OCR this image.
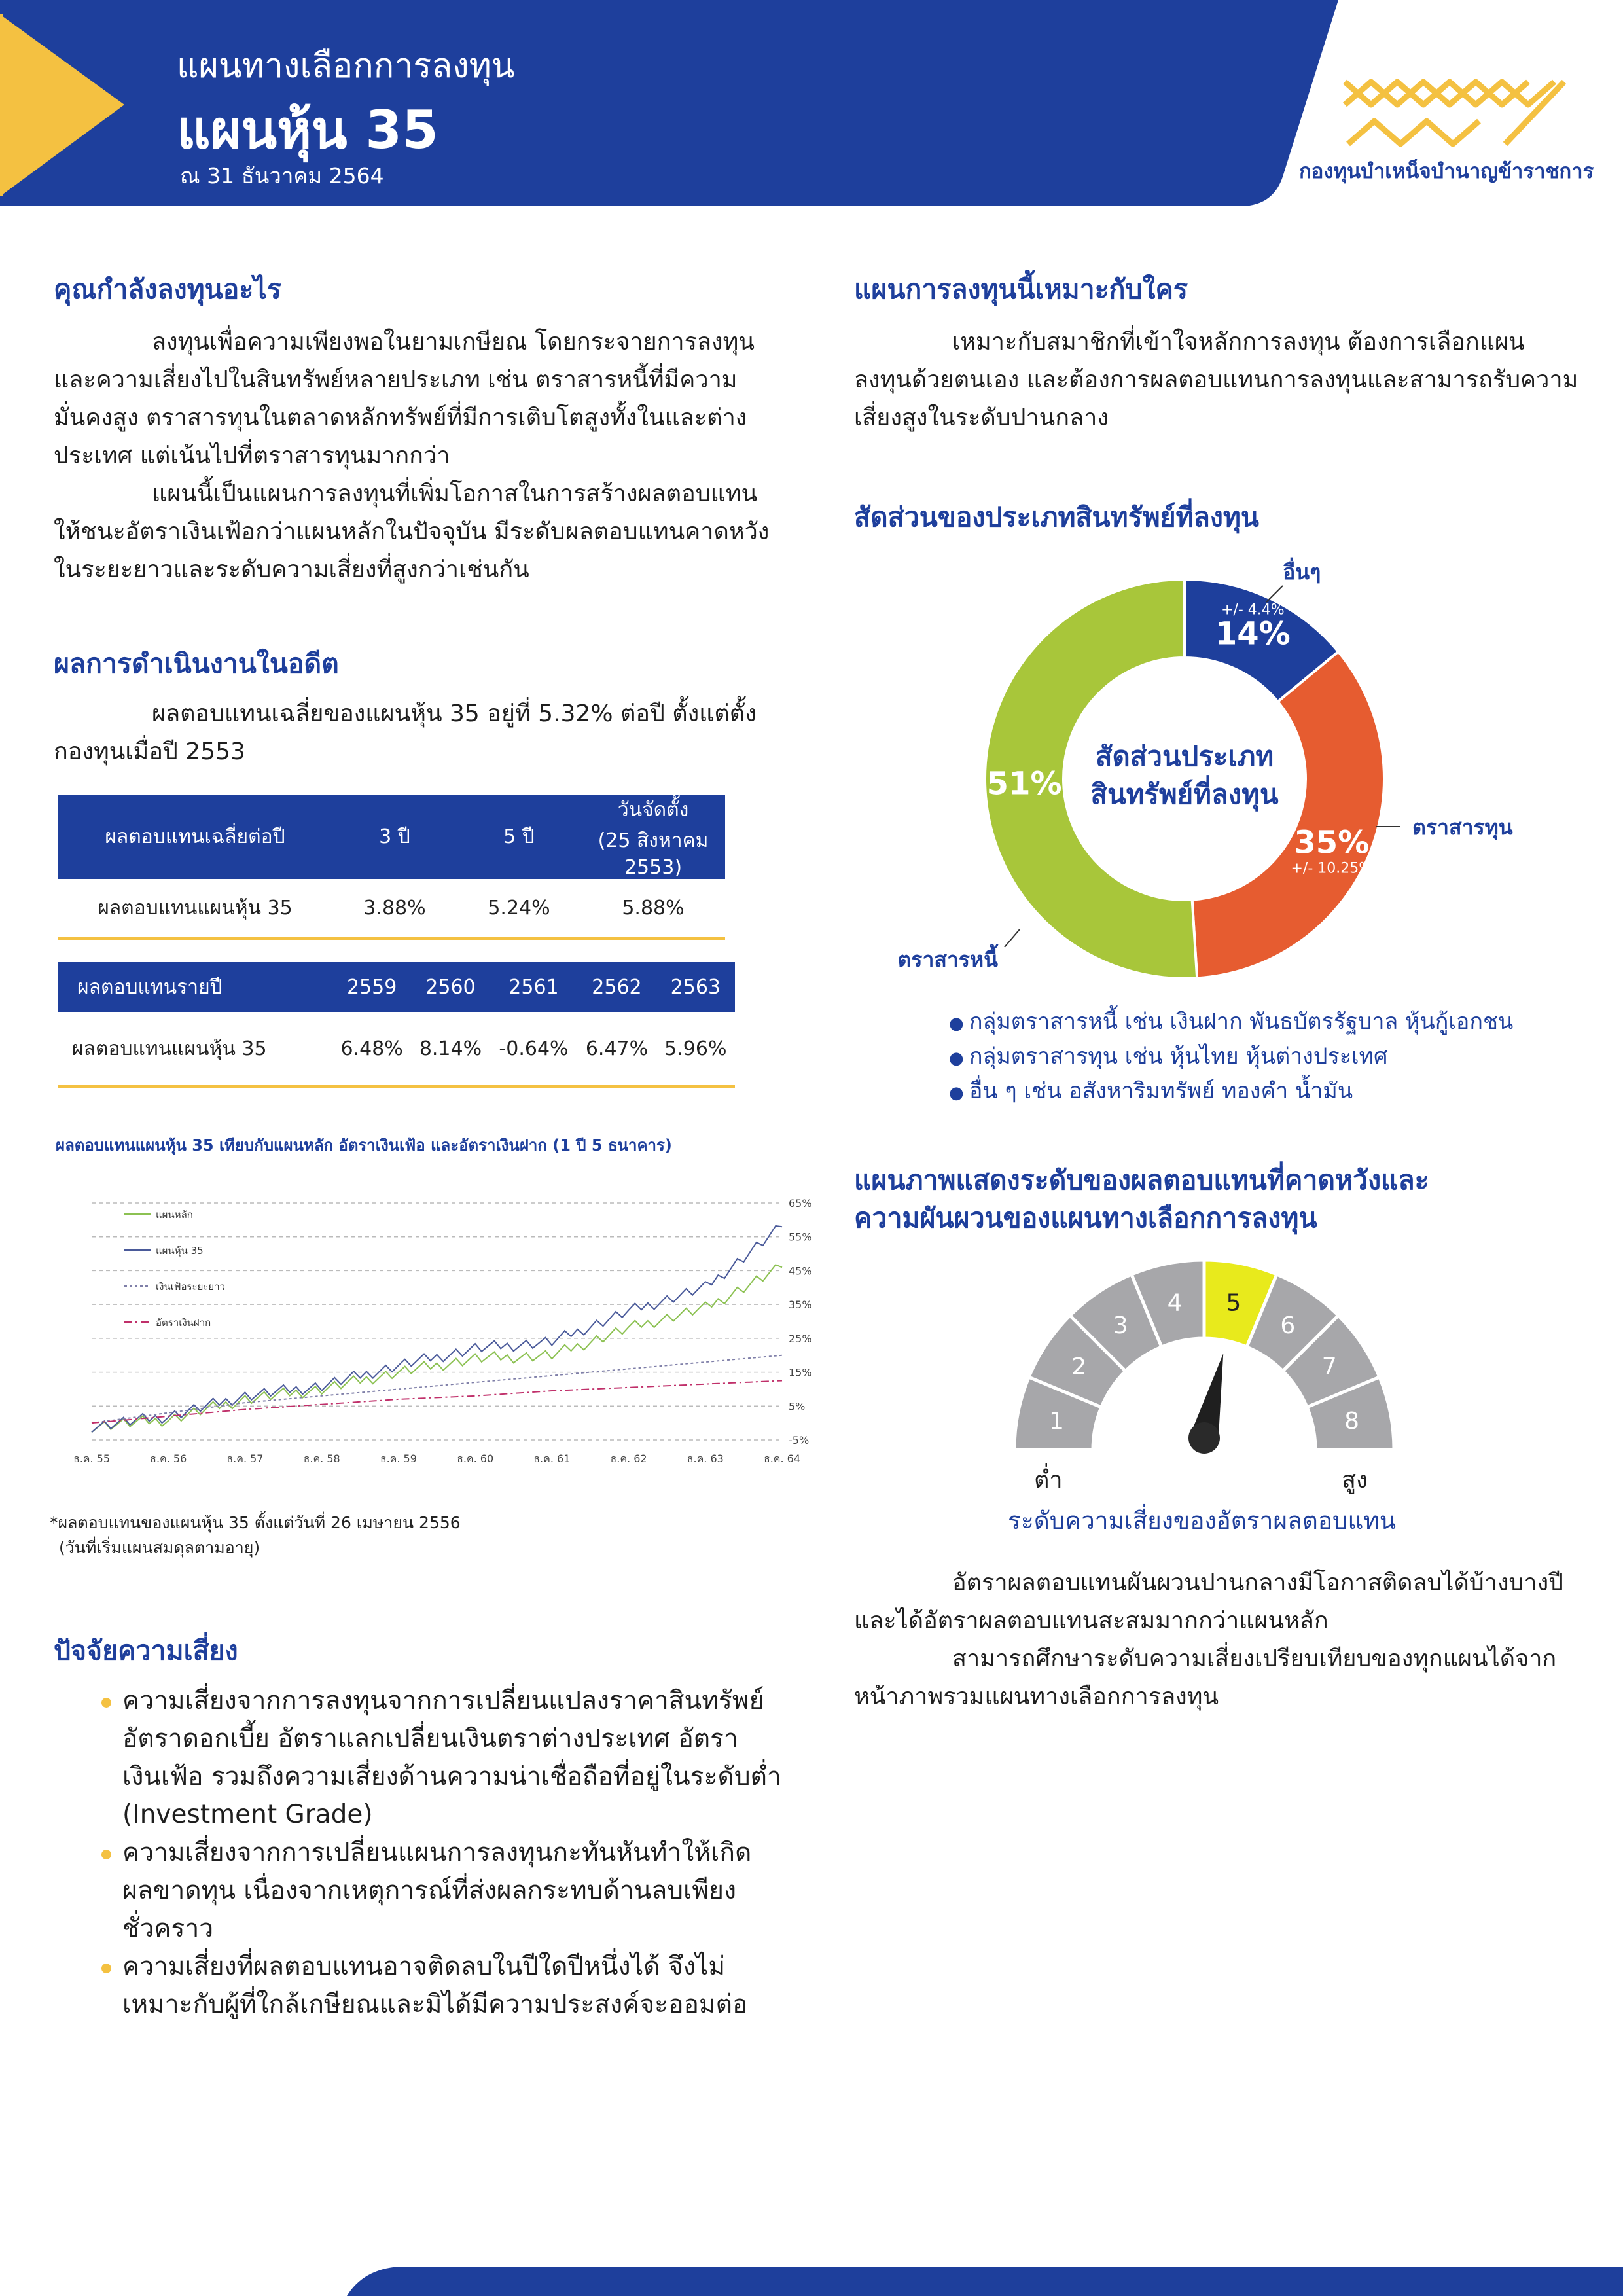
แผนทางเลือกการลงทุน
แผนหุ้น 35
ณ 31 ธันวาคม 2564	กองทุนบำเหน็จบำนาญข้าราชการ
คุณกำลังลงทุนอะไร

ลงทุนเพื่อความเพียงพอในยามเกษียณ โดยกระจายการลงทุนและความเสี่ยงไปในสินทรัพย์หลายประเภท เช่น ตราสารหนี้ที่มีความมั่นคงสูง ตราสารทุนในตลาดหลักทรัพย์ที่มีการเติบโตสูงทั้งในและต่างประเทศ แต่เน้นไปที่ตราสารทุนมากกว่า

แผนนี้เป็นแผนการลงทุนที่เพิ่มโอกาสในการสร้างผลตอบแทนให้ชนะอัตราเงินเฟ้อกว่าแผนหลักในปัจจุบัน มีระดับผลตอบแทนคาดหวังในระยะยาวและระดับความเสี่ยงที่สูงกว่าเช่นกัน

ผลการดำเนินงานในอดีต

ผลตอบแทนเฉลี่ยของแผนหุ้น 35 อยู่ที่ 5.32% ต่อปี ตั้งแต่ตั้งกองทุนเมื่อปี 2553

ผลตอบแทนเฉลี่ยต่อปี	3 ปี	5 ปี	วันจัดตั้ง
(25 สิงหาคม 2553)

ผลตอบแทนแผนหุ้น 35	3.88%	5.24%	5.88%
ผลตอบแทนรายปี	2559	2560	2561	2562	2563
ผลตอบแทนแผนหุ้น 35	6.48%	8.14%	-0.64%	6.47%	5.96%
ผลตอบแทนแผนหุ้น 35 เทียบกับแผนหลัก อัตราเงินเฟ้อ และอัตราเงินฝาก (1 ปี 5 ธนาคาร)
-5%
5%
15%
25%
35%
45%
55%
65%
ธ.ค. 55	ธ.ค. 56	ธ.ค. 57	ธ.ค. 58	ธ.ค. 59	ธ.ค. 60	ธ.ค. 61	ธ.ค. 62	ธ.ค. 63	ธ.ค. 64
แผนหลัก
แผนหุ้น 35
เงินเฟ้อระยะยาว
อัตราเงินฝาก
*ผลตอบแทนของแผนหุ้น 35 ตั้งแต่วันที่ 26 เมษายน 2556
(วันที่เริ่มแผนสมดุลตามอายุ)
ปัจจัยความเสี่ยง
ความเสี่ยงจากการลงทุนจากการเปลี่ยนแปลงราคาสินทรัพย์ อัตราดอกเบี้ย อัตราแลกเปลี่ยนเงินตราต่างประเทศ อัตราเงินเฟ้อ รวมถึงความเสี่ยงด้านความน่าเชื่อถือที่อยู่ในระดับต่ำ (Investment Grade)
ความเสี่ยงจากการเปลี่ยนแผนการลงทุนกะทันหันทำให้เกิดผลขาดทุน เนื่องจากเหตุการณ์ที่ส่งผลกระทบด้านลบเพียงชั่วคราว
ความเสี่ยงที่ผลตอบแทนอาจติดลบในปีใดปีหนึ่งได้ จึงไม่เหมาะกับผู้ที่ใกล้เกษียณและมิได้มีความประสงค์จะออมต่อ
แผนการลงทุนนี้เหมาะกับใคร

เหมาะกับสมาชิกที่เข้าใจหลักการลงทุน ต้องการเลือกแผนลงทุนด้วยตนเอง และต้องการผลตอบแทนการลงทุนและสามารถรับความเสี่ยงสูงในระดับปานกลาง

สัดส่วนของประเภทสินทรัพย์ที่ลงทุน
14%
+/- 4.4%
35%
+/- 10.25%
51%
อื่นๆ
ตราสารทุน
ตราสารหนี้
สัดส่วนประเภท
สินทรัพย์ที่ลงทุน
● กลุ่มตราสารหนี้ เช่น เงินฝาก พันธบัตรรัฐบาล หุ้นกู้เอกชน
● กลุ่มตราสารทุน เช่น หุ้นไทย หุ้นต่างประเทศ
● อื่น ๆ เช่น อสังหาริมทรัพย์ ทองคำ น้ำมัน
แผนภาพแสดงระดับของผลตอบแทนที่คาดหวังและ
ความผันผวนของแผนทางเลือกการลงทุน
1
2
3
4 5
6
7
8
ต่ำ	สูง
ระดับความเสี่ยงของอัตราผลตอบแทน

อัตราผลตอบแทนผันผวนปานกลางมีโอกาสติดลบได้บ้างบางปี และได้อัตราผลตอบแทนสะสมมากกว่าแผนหลัก

สามารถศึกษาระดับความเสี่ยงเปรียบเทียบของทุกแผนได้จากหน้าภาพรวมแผนทางเลือกการลงทุน
